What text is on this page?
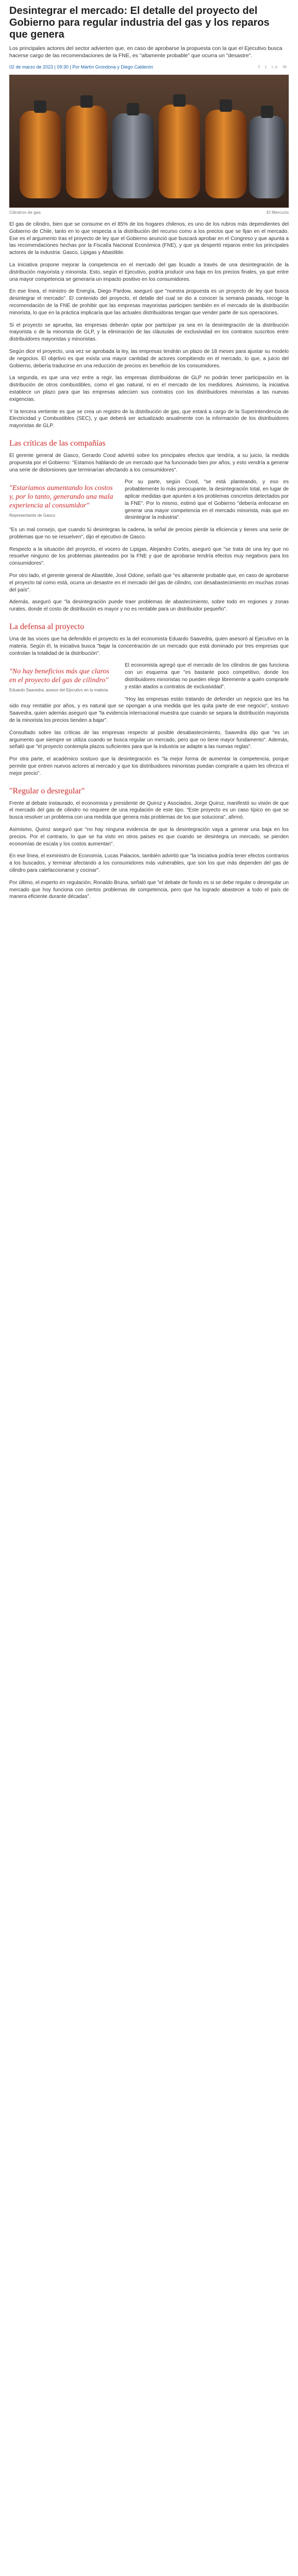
Desintegrar el mercado: El detalle del proyecto del Gobierno para regular industria del gas y los reparos que genera

Los principales actores del sector advierten que, en caso de aprobarse la propuesta con la que el Ejecutivo busca hacerse cargo de las recomendaciones de la FNE, es "altamente probable" que ocurra un "desastre".

02 de marzo de 2023 | 09:30 | Por Martín Grondona y Diego Calderón	f t in ✉
Cilindros de gas	El Mercurio

El gas de cilindro, bien que se consume en el 85% de los hogares chilenos, es uno de los rubros más dependientes del Gobierno de Chile, tanto en lo que respecta a la distribución del recurso como a los precios que se fijan en el mercado. Ese es el argumento tras el proyecto de ley que el Gobierno anunció que buscará aprobar en el Congreso y que apunta a las recomendaciones hechas por la Fiscalía Nacional Económica (FNE), y que ya despertó reparos entre los principales actores de la industria: Gasco, Lipigas y Abastible.

La iniciativa propone mejorar la competencia en el mercado del gas licuado a través de una desintegración de la distribución mayorista y minorista. Esto, según el Ejecutivo, podría producir una baja en los precios finales, ya que entre una mayor competencia se generaría un impacto positivo en los consumidores.

En ese línea, el ministro de Energía, Diego Pardow, aseguró que "nuestra propuesta es un proyecto de ley que busca desintegrar el mercado". El contenido del proyecto, el detalle del cual se dio a conocer la semana pasada, recoge la recomendación de la FNE de prohibir que las empresas mayoristas participen también en el mercado de la distribución minorista, lo que en la práctica implicaría que las actuales distribuidoras tengan que vender parte de sus operaciones.

Si el proyecto se aprueba, las empresas deberán optar por participar ya sea en la desintegración de la distribución mayorista o de la minorista de GLP, y la eliminación de las cláusulas de exclusividad en los contratos suscritos entre distribuidores mayoristas y minoristas.

Según dice el proyecto, una vez se aprobada la ley, las empresas tendrán un plazo de 18 meses para ajustar su modelo de negocios. El objetivo es que exista una mayor cantidad de actores compitiendo en el mercado, lo que, a juicio del Gobierno, debería traducirse en una reducción de precios en beneficio de los consumidores.

La segunda, es que una vez entre a regir, las empresas distribuidoras de GLP no podrán tener participación en la distribución de otros combustibles, como el gas natural, ni en el mercado de los medidores. Asimismo, la iniciativa establece un plazo para que las empresas adecúen sus contratos con los distribuidores minoristas a las nuevas exigencias.

Y la tercera vertiente es que se crea un registro de la distribución de gas, que estará a cargo de la Superintendencia de Electricidad y Combustibles (SEC), y que deberá ser actualizado anualmente con la información de los distribuidores mayoristas de GLP.

Las críticas de las compañías

El gerente general de Gasco, Gerardo Cood advirtió sobre los principales efectos que tendría, a su juicio, la medida propuesta por el Gobierno: "Estamos hablando de un mercado que ha funcionado bien por años, y esto vendría a generar una serie de distorsiones que terminarían afectando a los consumidores".

"Estaríamos aumentando los costos y, por lo tanto, generando una mala experiencia al consumidor"

Representante de Gasco

Por su parte, según Cood, "se está planteando, y eso es probablemente lo más preocupante, la desintegración total, en lugar de aplicar medidas que apunten a los problemas concretos detectados por la FNE". Por lo mismo, estimó que el Gobierno "debería enfocarse en generar una mayor competencia en el mercado minorista, más que en desintegrar la industria".

"Es un mal consejo, que cuando tú desintegras la cadena, la señal de precios pierde la eficiencia y tienes una serie de problemas que no se resuelven", dijo el ejecutivo de Gasco.

Respecto a la situación del proyecto, el vocero de Lipigas, Alejandro Cortés, aseguró que "se trata de una ley que no resuelve ninguno de los problemas planteados por la FNE y que de aprobarse tendría efectos muy negativos para los consumidores".

Por otro lado, el gerente general de Abastible, José Odone, señaló que "es altamente probable que, en caso de aprobarse el proyecto tal como está, ocurra un desastre en el mercado del gas de cilindro, con desabastecimiento en muchas zonas del país".

Además, aseguró que "la desintegración puede traer problemas de abastecimiento, sobre todo en regiones y zonas rurales, donde el costo de distribución es mayor y no es rentable para un distribuidor pequeño".

La defensa al proyecto

Una de las voces que ha defendido el proyecto es la del economista Eduardo Saavedra, quien asesoró al Ejecutivo en la materia. Según él, la iniciativa busca "bajar la concentración de un mercado que está dominado por tres empresas que controlan la totalidad de la distribución".

"No hay beneficios más que claros en el proyecto del gas de cilindro"

Eduardo Saavedra, asesor del Ejecutivo en la materia

El economista agregó que el mercado de los cilindros de gas funciona con un esquema que "es bastante poco competitivo, donde los distribuidores minoristas no pueden elegir libremente a quién comprarle y están atados a contratos de exclusividad".

"Hoy las empresas están tratando de defender un negocio que les ha sido muy rentable por años, y es natural que se opongan a una medida que les quita parte de ese negocio", sostuvo Saavedra, quien además aseguró que "la evidencia internacional muestra que cuando se separa la distribución mayorista de la minorista los precios tienden a bajar".

Consultado sobre las críticas de las empresas respecto al posible desabastecimiento, Saavedra dijo que "es un argumento que siempre se utiliza cuando se busca regular un mercado, pero que no tiene mayor fundamento". Además, señaló que "el proyecto contempla plazos suficientes para que la industria se adapte a las nuevas reglas".

Por otra parte, el académico sostuvo que la desintegración es "la mejor forma de aumentar la competencia, porque permite que entren nuevos actores al mercado y que los distribuidores minoristas puedan comprarle a quien les ofrezca el mejor precio".

"Regular o desregular"

Frente al debate instaurado, el economista y presidente de Quiroz y Asociados, Jorge Quiroz, manifestó su visión de que el mercado del gas de cilindro no requiere de una regulación de este tipo. "Este proyecto es un caso típico en que se busca resolver un problema con una medida que genera más problemas de los que soluciona", afirmó.

Asimismo, Quiroz aseguró que "no hay ninguna evidencia de que la desintegración vaya a generar una baja en los precios. Por el contrario, lo que se ha visto en otros países es que cuando se desintegra un mercado, se pierden economías de escala y los costos aumentan".

En ese línea, el exministro de Economía, Lucas Palacios, también advirtió que "la iniciativa podría tener efectos contrarios a los buscados, y terminar afectando a los consumidores más vulnerables, que son los que más dependen del gas de cilindro para calefaccionarse y cocinar".

Por último, el experto en regulación, Ronaldo Bruna, señaló que "el debate de fondo es si se debe regular o desregular un mercado que hoy funciona con ciertos problemas de competencia, pero que ha logrado abastecer a todo el país de manera eficiente durante décadas".
